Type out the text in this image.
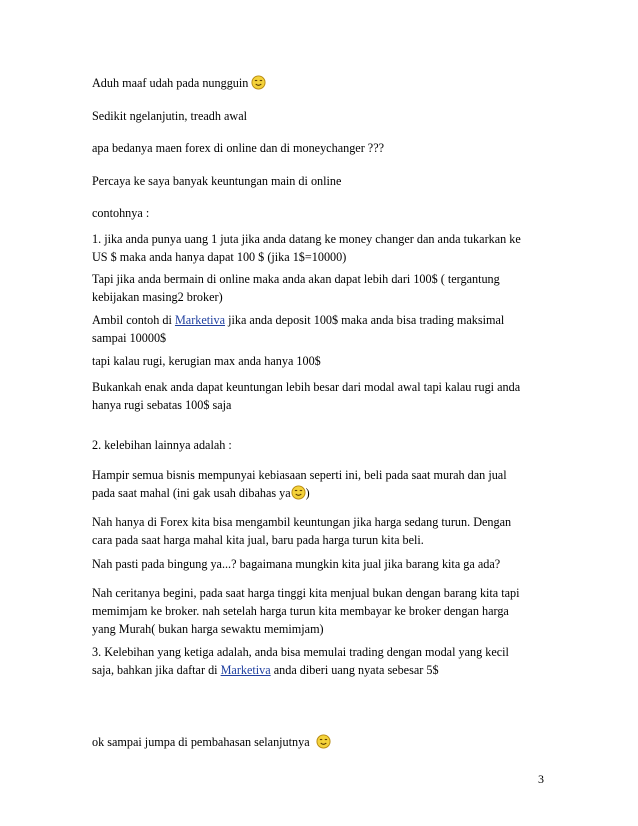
Aduh maaf udah pada nungguin

Sedikit ngelanjutin, treadh awal

apa bedanya maen forex di online dan di moneychanger ???

Percaya ke saya banyak keuntungan main di online

contohnya :

1. jika anda punya uang 1 juta jika anda datang ke money changer dan anda tukarkan ke
US $ maka anda hanya dapat 100 $ (jika 1$=10000)

Tapi jika anda bermain di online maka anda akan dapat lebih dari 100$ ( tergantung
kebijakan masing2 broker)

Ambil contoh di Marketiva jika anda deposit 100$ maka anda bisa trading maksimal
sampai 10000$

tapi kalau rugi, kerugian max anda hanya 100$

Bukankah enak anda dapat keuntungan lebih besar dari modal awal tapi kalau rugi anda
hanya rugi sebatas 100$ saja

2. kelebihan lainnya adalah :

Hampir semua bisnis mempunyai kebiasaan seperti ini, beli pada saat murah dan jual
pada saat mahal (ini gak usah dibahas ya )

Nah hanya di Forex kita bisa mengambil keuntungan jika harga sedang turun. Dengan
cara pada saat harga mahal kita jual, baru pada harga turun kita beli.

Nah pasti pada bingung ya...? bagaimana mungkin kita jual jika barang kita ga ada?

Nah ceritanya begini, pada saat harga tinggi kita menjual bukan dengan barang kita tapi
memimjam ke broker. nah setelah harga turun kita membayar ke broker dengan harga
yang Murah( bukan harga sewaktu memimjam)

3. Kelebihan yang ketiga adalah, anda bisa memulai trading dengan modal yang kecil
saja, bahkan jika daftar di Marketiva anda diberi uang nyata sebesar 5$

ok sampai jumpa di pembahasan selanjutnya

3
